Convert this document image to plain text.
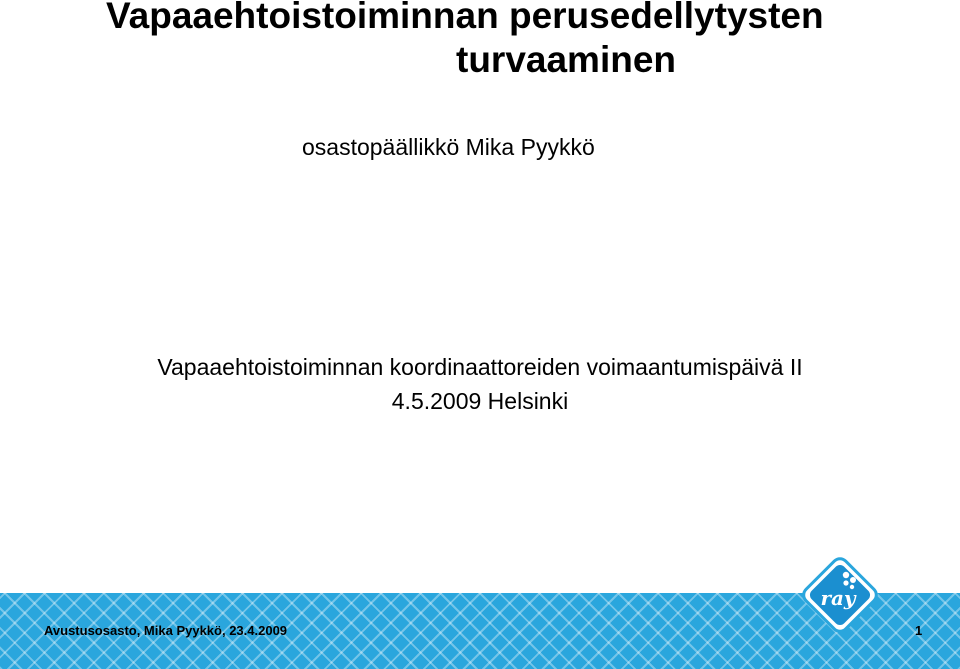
Vapaaehtoistoiminnan perusedellytysten
turvaaminen
osastopäällikkö Mika Pyykkö
Vapaaehtoistoiminnan koordinaattoreiden voimaantumispäivä II
4.5.2009 Helsinki
ray
Avustusosasto, Mika Pyykkö, 23.4.2009	1
